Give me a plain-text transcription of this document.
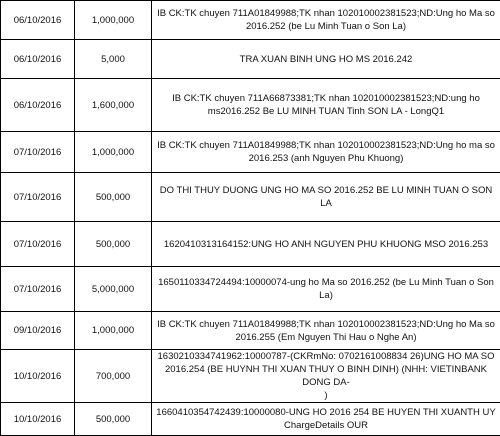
06/10/2016	1,000,000	IB CK:TK chuyen 711A01849988;TK nhan 102010002381523;ND:Ung ho Ma so
2016.252 (be Lu Minh Tuan o Son La)

06/10/2016	5,000	TRA XUAN BINH UNG HO MS 2016.242

06/10/2016	1,600,000	IB CK:TK chuyen 711A66873381;TK nhan 102010002381523;ND:ung ho
ms2016.252 Be LU MINH TUAN Tinh SON LA - LongQ1

07/10/2016	1,000,000	IB CK:TK chuyen 711A01849988;TK nhan 102010002381523;ND:Ung ho ma so
2016.253 (anh Nguyen Phu Khuong)

07/10/2016	500,000	DO THI THUY DUONG UNG HO MA SO 2016.252 BE LU MINH TUAN O SON LA

07/10/2016	500,000	1620410313164152:UNG HO ANH NGUYEN PHU KHUONG MSO 2016.253

07/10/2016	5,000,000	1650110334724494:10000074-ung ho Ma so 2016.252 (be Lu Minh Tuan o Son
La)

09/10/2016	1,000,000	IB CK:TK chuyen 711A01849988;TK nhan 102010002381523;ND:Ung ho Ma so
2016.255 (Em Nguyen Thi Hau o Nghe An)

10/10/2016	700,000	1630210334741962:10000787-(CKRmNo: 0702161008834 26)UNG HO MA SO
2016.254 (BE HUYNH THI XUAN THUY O BINH DINH) (NHH: VIETINBANK DONG DA-
)

10/10/2016	500,000	1660410354742439:10000080-UNG HO 2016 254 BE HUYEN THI XUANTH UY
ChargeDetails OUR
